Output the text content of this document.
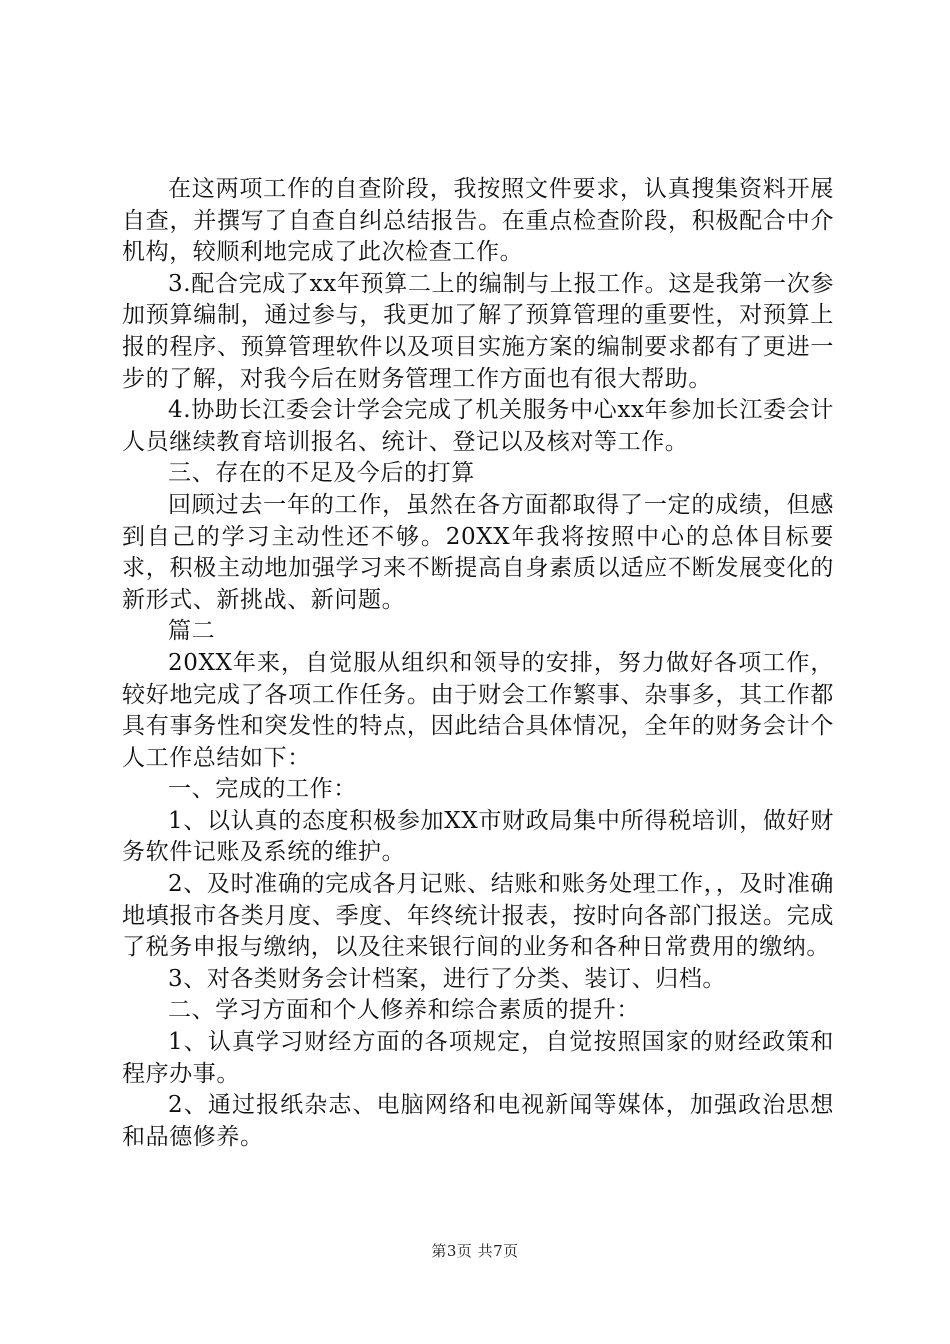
在这两项工作的自查阶段，我按照文件要求，认真搜集资料开展自查，并撰写了自查自纠总结报告。在重点检查阶段，积极配合中介机构，较顺利地完成了此次检查工作。

3.配合完成了xx年预算二上的编制与上报工作。这是我第一次参加预算编制，通过参与，我更加了解了预算管理的重要性，对预算上报的程序、预算管理软件以及项目实施方案的编制要求都有了更进一步的了解，对我今后在财务管理工作方面也有很大帮助。

4.协助长江委会计学会完成了机关服务中心xx年参加长江委会计人员继续教育培训报名、统计、登记以及核对等工作。

三、存在的不足及今后的打算

回顾过去一年的工作，虽然在各方面都取得了一定的成绩，但感到自己的学习主动性还不够。20XX年我将按照中心的总体目标要求，积极主动地加强学习来不断提高自身素质以适应不断发展变化的新形式、新挑战、新问题。

篇二

20XX年来，自觉服从组织和领导的安排，努力做好各项工作，较好地完成了各项工作任务。由于财会工作繁事、杂事多，其工作都具有事务性和突发性的特点，因此结合具体情况，全年的财务会计个人工作总结如下：

一、完成的工作：

1、以认真的态度积极参加XX市财政局集中所得税培训，做好财务软件记账及系统的维护。

2、及时准确的完成各月记账、结账和账务处理工作，，及时准确地填报市各类月度、季度、年终统计报表，按时向各部门报送。完成了税务申报与缴纳，以及往来银行间的业务和各种日常费用的缴纳。

3、对各类财务会计档案，进行了分类、装订、归档。

二、学习方面和个人修养和综合素质的提升：

1、认真学习财经方面的各项规定，自觉按照国家的财经政策和程序办事。

2、通过报纸杂志、电脑网络和电视新闻等媒体，加强政治思想和品德修养。

第3页 共7页
